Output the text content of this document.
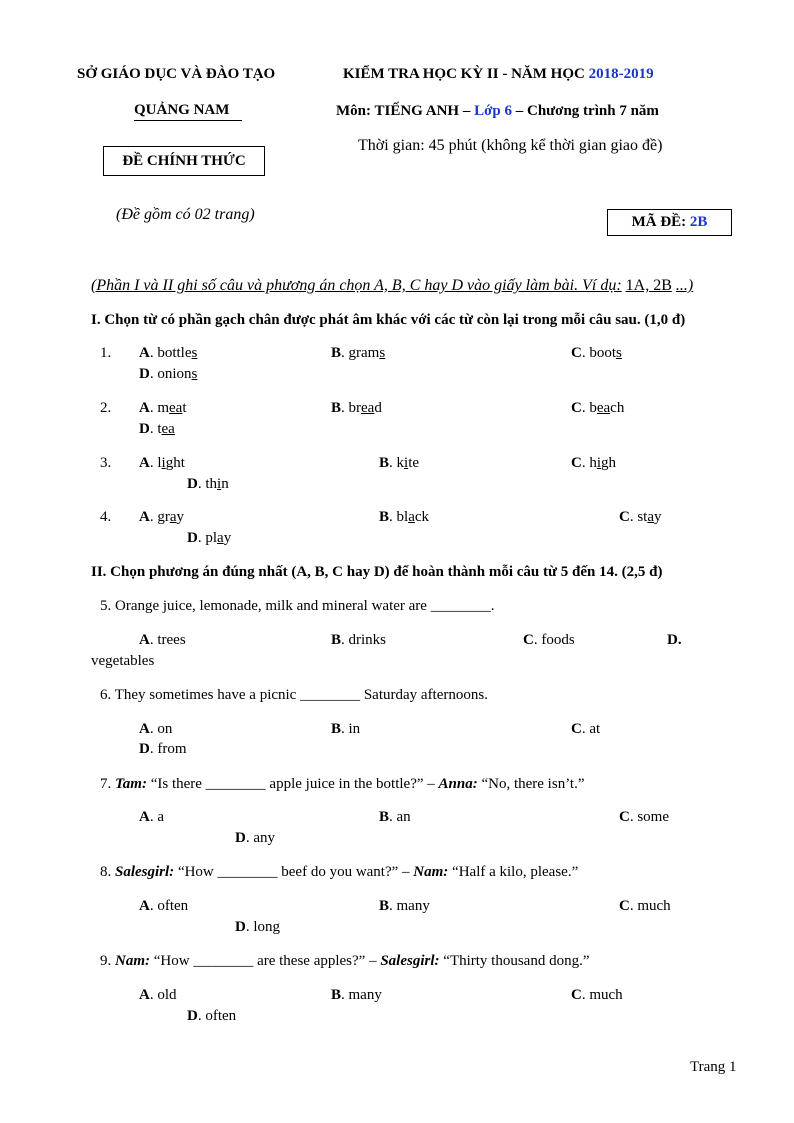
SỞ GIÁO DỤC VÀ ĐÀO TẠO
QUẢNG NAM
ĐỀ CHÍNH THỨC
(Đề gồm có 02 trang)
KIỂM TRA HỌC KỲ II - NĂM HỌC 2018-2019
Môn: TIẾNG ANH – Lớp 6 – Chương trình 7 năm
Thời gian: 45 phút (không kể thời gian giao đề)
MÃ ĐỀ: 2B
(Phần I và II ghi số câu và phương án chọn A, B, C hay D vào giấy làm bài. Ví dụ: 1A, 2B ...)
I. Chọn từ có phần gạch chân được phát âm khác với các từ còn lại trong mỗi câu sau. (1,0 đ)
1. A. bottles	B. grams	C. boots
D. onions
2. A. meat	B. bread	C. beach
D. tea
3. A. light	B. kite	C. high
D. thin
4. A. gray	B. black	C. stay
D. play
II. Chọn phương án đúng nhất (A, B, C hay D) để hoàn thành mỗi câu từ 5 đến 14. (2,5 đ)
5. Orange juice, lemonade, milk and mineral water are ________.
A. trees	B. drinks	C. foods	D.
vegetables
6. They sometimes have a picnic ________ Saturday afternoons.
A. on	B. in	C. at
D. from
7. Tam: “Is there ________ apple juice in the bottle?” – Anna: “No, there isn’t.”
A. a	B. an	C. some
D. any
8. Salesgirl: “How ________ beef do you want?” – Nam: “Half a kilo, please.”
A. often	B. many	C. much
D. long
9. Nam: “How ________ are these apples?” – Salesgirl: “Thirty thousand dong.”
A. old	B. many	C. much
D. often
Trang 1
